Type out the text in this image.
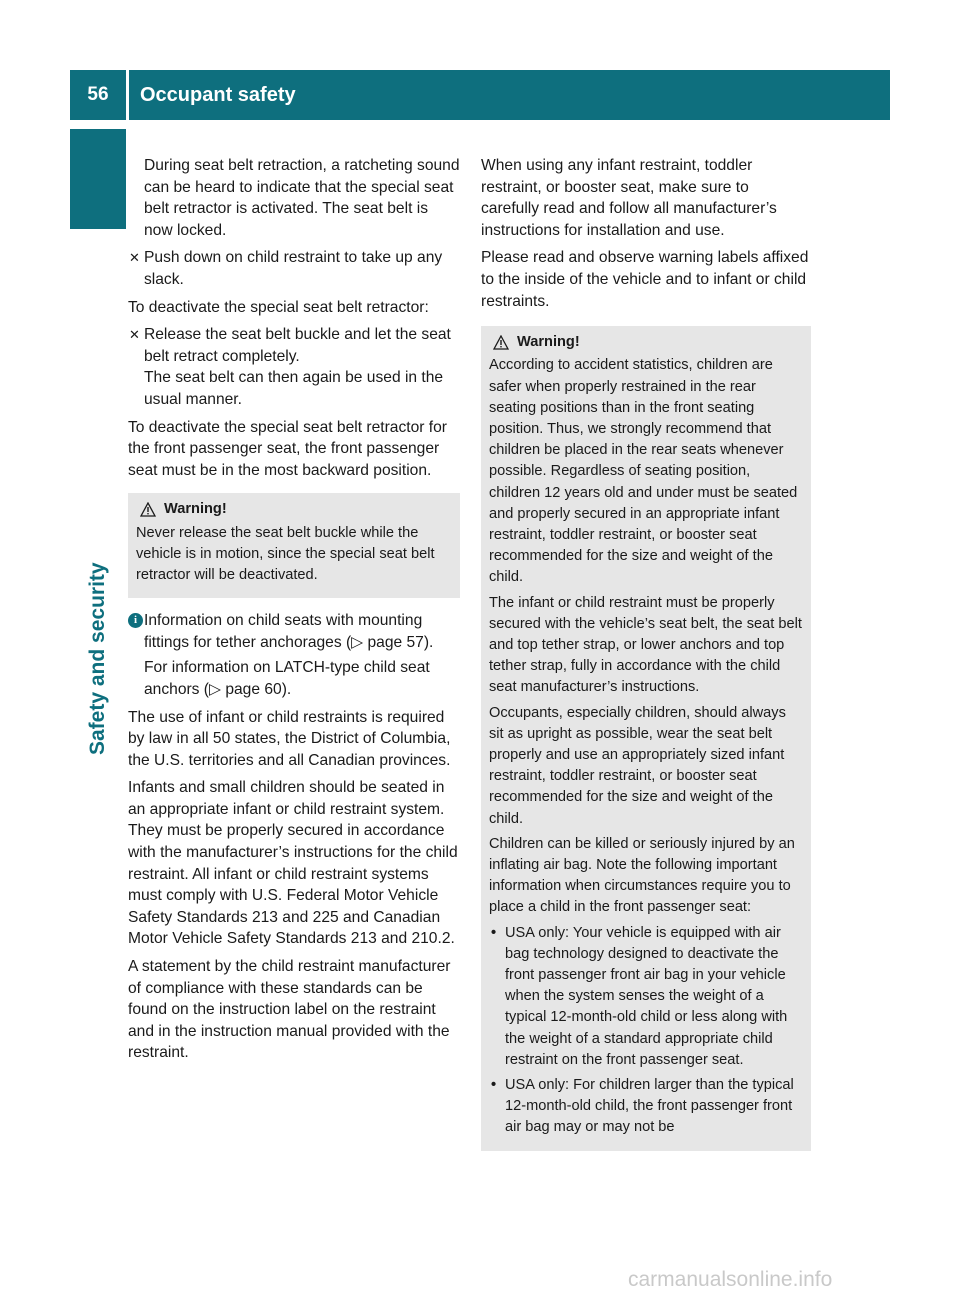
56	Occupant safety
Safety and security

During seat belt retraction, a ratcheting sound can be heard to indicate that the special seat belt retractor is activated. The seat belt is now locked.

✕ Push down on child restraint to take up any slack.

To deactivate the special seat belt retractor:

✕ Release the seat belt buckle and let the seat belt retract completely.
The seat belt can then again be used in the usual manner.

To deactivate the special seat belt retractor for the front passenger seat, the front passenger seat must be in the most backward position.

Warning!

Never release the seat belt buckle while the vehicle is in motion, since the special seat belt retractor will be deactivated.

i Information on child seats with mounting fittings for tether anchorages (▷ page 57).

For information on LATCH-type child seat anchors (▷ page 60).

The use of infant or child restraints is required by law in all 50 states, the District of Columbia, the U.S. territories and all Canadian provinces.

Infants and small children should be seated in an appropriate infant or child restraint system. They must be properly secured in accordance with the manufacturer’s instructions for the child restraint. All infant or child restraint systems must comply with U.S. Federal Motor Vehicle Safety Standards 213 and 225 and Canadian Motor Vehicle Safety Standards 213 and 210.2.

A statement by the child restraint manufacturer of compliance with these standards can be found on the instruction label on the restraint and in the instruction manual provided with the restraint.

When using any infant restraint, toddler restraint, or booster seat, make sure to carefully read and follow all manufacturer’s instructions for installation and use.

Please read and observe warning labels affixed to the inside of the vehicle and to infant or child restraints.

Warning!

According to accident statistics, children are safer when properly restrained in the rear seating positions than in the front seating position. Thus, we strongly recommend that children be placed in the rear seats whenever possible. Regardless of seating position, children 12 years old and under must be seated and properly secured in an appropriate infant restraint, toddler restraint, or booster seat recommended for the size and weight of the child.

The infant or child restraint must be properly secured with the vehicle’s seat belt, the seat belt and top tether strap, or lower anchors and top tether strap, fully in accordance with the child seat manufacturer’s instructions.

Occupants, especially children, should always sit as upright as possible, wear the seat belt properly and use an appropriately sized infant restraint, toddler restraint, or booster seat recommended for the size and weight of the child.

Children can be killed or seriously injured by an inflating air bag. Note the following important information when circumstances require you to place a child in the front passenger seat:

• USA only: Your vehicle is equipped with air bag technology designed to deactivate the front passenger front air bag in your vehicle when the system senses the weight of a typical 12-month-old child or less along with the weight of a standard appropriate child restraint on the front passenger seat.
• USA only: For children larger than the typical 12-month-old child, the front passenger front air bag may or may not be
carmanualsonline.info
